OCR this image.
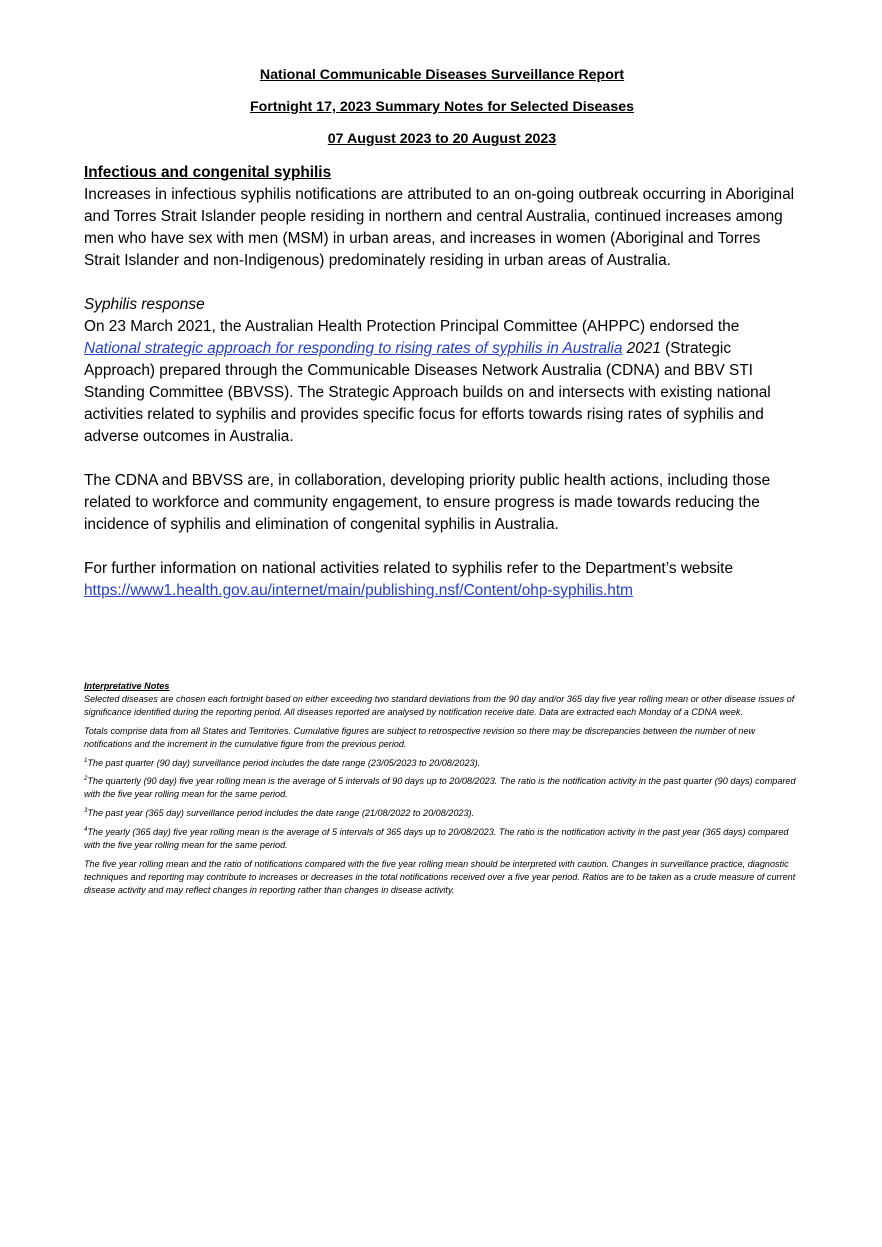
National Communicable Diseases Surveillance Report
Fortnight 17, 2023 Summary Notes for Selected Diseases
07 August 2023 to 20 August 2023

Infectious and congenital syphilis

Increases in infectious syphilis notifications are attributed to an on-going outbreak occurring in Aboriginal and Torres Strait Islander people residing in northern and central Australia, continued increases among men who have sex with men (MSM) in urban areas, and increases in women (Aboriginal and Torres Strait Islander and non-Indigenous) predominately residing in urban areas of Australia.

Syphilis response

On 23 March 2021, the Australian Health Protection Principal Committee (AHPPC) endorsed the National strategic approach for responding to rising rates of syphilis in Australia 2021 (Strategic Approach) prepared through the Communicable Diseases Network Australia (CDNA) and BBV STI Standing Committee (BBVSS). The Strategic Approach builds on and intersects with existing national activities related to syphilis and provides specific focus for efforts towards rising rates of syphilis and adverse outcomes in Australia.

The CDNA and BBVSS are, in collaboration, developing priority public health actions, including those related to workforce and community engagement, to ensure progress is made towards reducing the incidence of syphilis and elimination of congenital syphilis in Australia.

For further information on national activities related to syphilis refer to the Department’s website

https://www1.health.gov.au/internet/main/publishing.nsf/Content/ohp-syphilis.htm

Interpretative Notes

Selected diseases are chosen each fortnight based on either exceeding two standard deviations from the 90 day and/or 365 day five year rolling mean or other disease issues of significance identified during the reporting period. All diseases reported are analysed by notification receive date. Data are extracted each Monday of a CDNA week.

Totals comprise data from all States and Territories. Cumulative figures are subject to retrospective revision so there may be discrepancies between the number of new notifications and the increment in the cumulative figure from the previous period.

$^1$The past quarter (90 day) surveillance period includes the date range (23/05/2023 to 20/08/2023).

$^2$The quarterly (90 day) five year rolling mean is the average of 5 intervals of 90 days up to 20/08/2023. The ratio is the notification activity in the past quarter (90 days) compared with the five year rolling mean for the same period.

$^3$The past year (365 day) surveillance period includes the date range (21/08/2022 to 20/08/2023).

$^4$The yearly (365 day) five year rolling mean is the average of 5 intervals of 365 days up to 20/08/2023. The ratio is the notification activity in the past year (365 days) compared with the five year rolling mean for the same period.

The five year rolling mean and the ratio of notifications compared with the five year rolling mean should be interpreted with caution. Changes in surveillance practice, diagnostic techniques and reporting may contribute to increases or decreases in the total notifications received over a five year period. Ratios are to be taken as a crude measure of current disease activity and may reflect changes in reporting rather than changes in disease activity.
